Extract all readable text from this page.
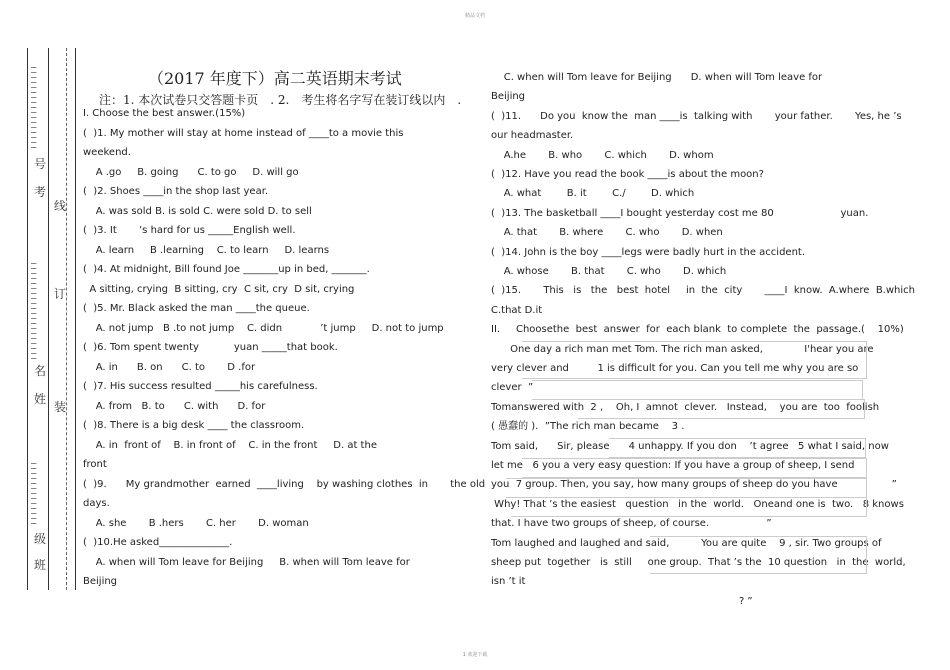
精品文档
—
—
—
—
—
—
—
—
—
—
—
—
—
—
—
—
—
号
考
—
—
—
—
—
—
—
—
—
—
—
—
—
—
—
—
—
—
—
—
名
姓
—
—
—
—
—
—
—
—
—
—
—
—
—
级
班
线
订
装
（2017 年度下）高二英语期末考试
注：1. 本次试卷只交答题卡页　. 2.　考生将名字写在装订线以内　.
I. Choose the best answer.(15%)
(  )1. My mother will stay at home instead of ____to a movie this
weekend.
A .go     B. going      C. to go     D. will go
(  )2. Shoes ____in the shop last year.
A. was sold B. is sold C. were sold D. to sell
(  )3. It       ’s hard for us _____English well.
A. learn     B .learning    C. to learn     D. learns
(  )4. At midnight, Bill found Joe _______up in bed, _______.
A sitting, crying  B sitting, cry  C sit, cry  D sit, crying
(  )5. Mr. Black asked the man ____the queue.
A. not jump   B .to not jump    C. didn            ’t jump     D. not to jump
(  )6. Tom spent twenty           yuan _____that book.
A. in      B. on      C. to       D .for
(  )7. His success resulted _____his carefulness.
A. from   B. to      C. with      D. for
(  )8. There is a big desk ____ the classroom.
A. in  front of    B. in front of    C. in the front     D. at the
front
(  )9.      My grandmother  earned  ____living    by washing clothes  in       the old
days.
A. she       B .hers       C. her       D. woman
(  )10.He asked______________.
A. when will Tom leave for Beijing     B. when will Tom leave for
Beijing
C. when will Tom leave for Beijing      D. when will Tom leave for
Beijing
(  )11.      Do you  know the  man ____is  talking with       your father.       Yes, he ’s
our headmaster.
A.he       B. who       C. which       D. whom
(  )12. Have you read the book ____is about the moon?
A. what        B. it        C./        D. which
(  )13. The basketball ____I bought yesterday cost me 80                     yuan.
A. that       B. where       C. who       D. when
(  )14. John is the boy ____legs were badly hurt in the accident.
A. whose       B. that       C. who       D. which
(  )15.       This   is   the   best  hotel     in  the  city       ____I  know.  A.where  B.which
C.that D.it
II.     Choosethe  best  answer  for  each blank  to complete  the  passage.(    10%)
One day a rich man met Tom. The rich man asked,             I'hear you are
very clever and         1 is difficult for you. Can you tell me why you are so
clever  ”
Tomanswered with  2 ,    Oh, I  amnot  clever.   Instead,    you are  too  foolish
( 愚蠢的 ).  ”The rich man became    3 .
Tom said,      Sir, please      4 unhappy. If you don    ’t agree   5 what I said, now
let me   6 you a very easy question: If you have a group of sheep, I send
you  7 group. Then, you say, how many groups of sheep do you have                 ”
Why! That ’s the easiest   question   in the  world.   Oneand one is  two.   8 knows
that. I have two groups of sheep, of course.                  ”
Tom laughed and laughed and said,          You are quite    9 , sir. Two groups of
sheep put  together   is  still     one group.  That ’s the  10 question   in  the  world,
isn ’t it
? ”
1 欢迎下载
